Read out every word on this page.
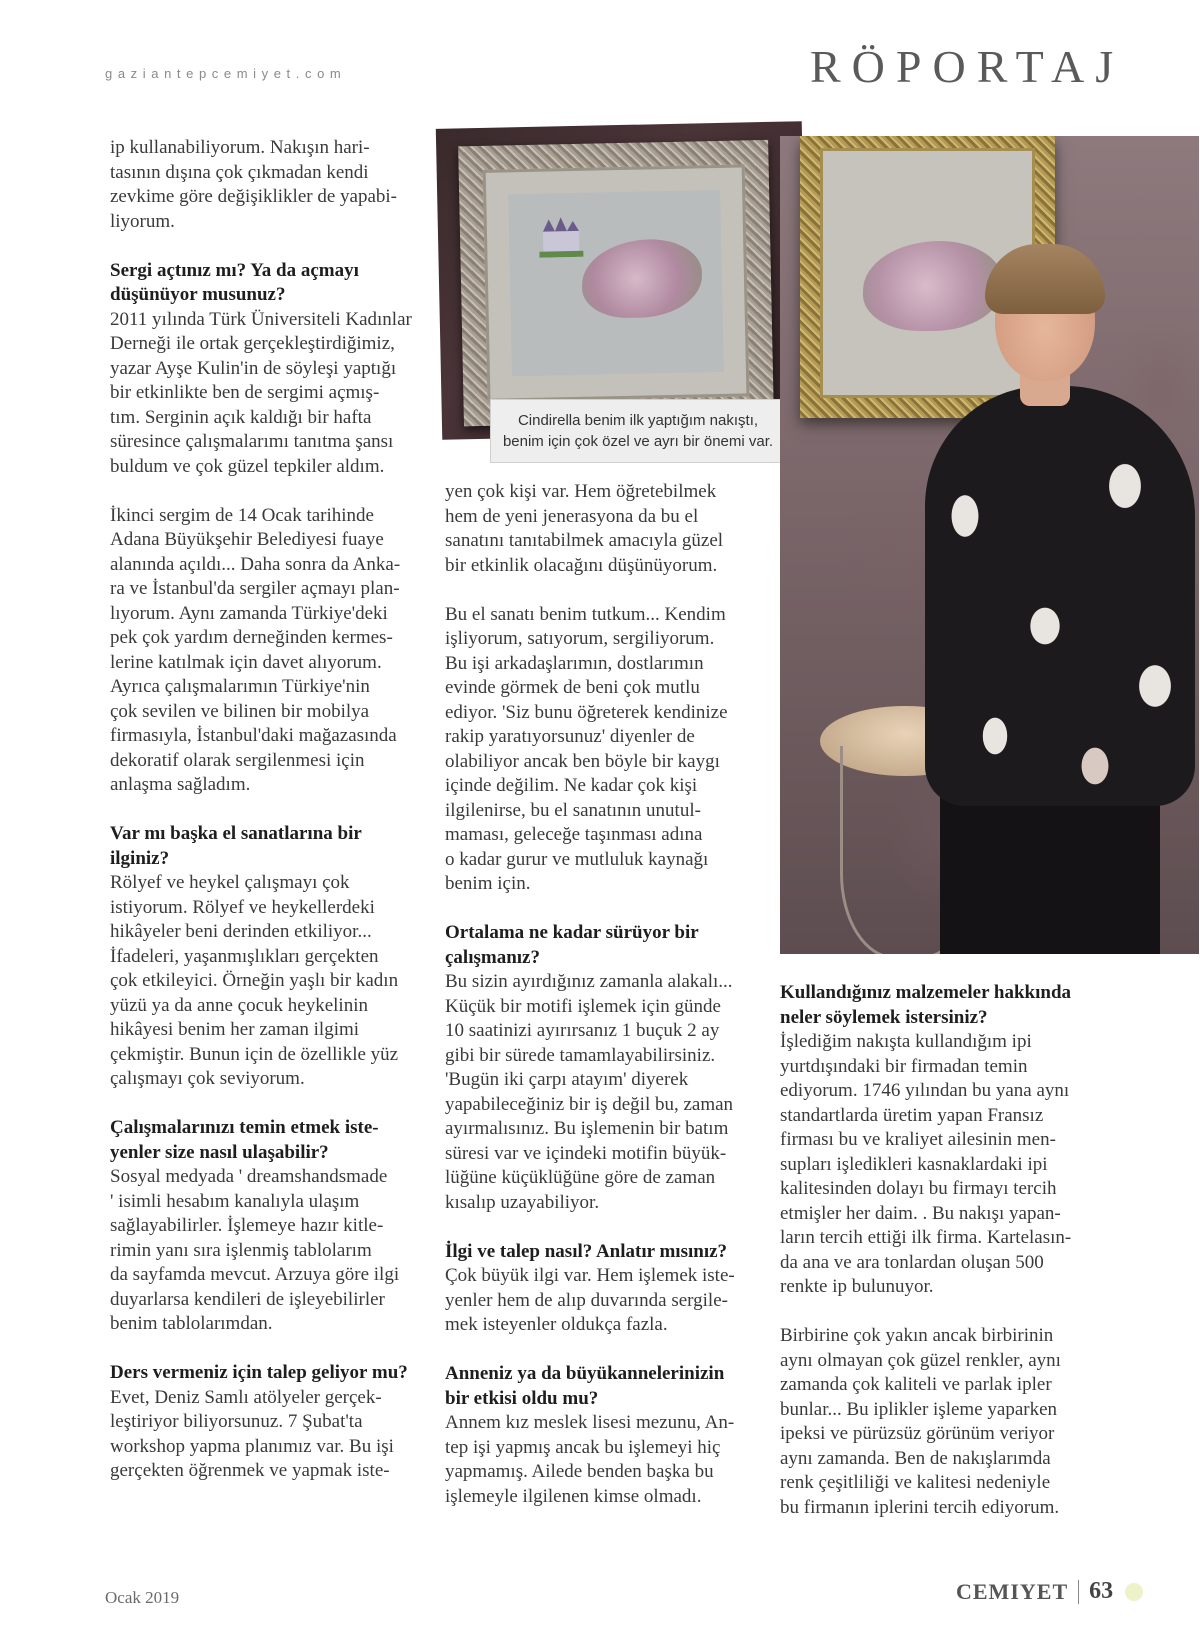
gaziantepcemiyet.com	RÖPORTAJ
Cindirella benim ilk yaptığım nakıştı,
benim için çok özel ve ayrı bir önemi var.

ip kullanabiliyorum. Nakışın hari-
tasının dışına çok çıkmadan kendi
zevkime göre değişiklikler de yapabi-
liyorum.

Sergi açtınız mı? Ya da açmayı
düşünüyor musunuz?

2011 yılında Türk Üniversiteli Kadınlar
Derneği ile ortak gerçekleştirdiğimiz,
yazar Ayşe Kulin'in de söyleşi yaptığı
bir etkinlikte ben de sergimi açmış-
tım. Serginin açık kaldığı bir hafta
süresince çalışmalarımı tanıtma şansı
buldum ve çok güzel tepkiler aldım.

İkinci sergim de 14 Ocak tarihinde
Adana Büyükşehir Belediyesi fuaye
alanında açıldı... Daha sonra da Anka-
ra ve İstanbul'da sergiler açmayı plan-
lıyorum. Aynı zamanda Türkiye'deki
pek çok yardım derneğinden kermes-
lerine katılmak için davet alıyorum.
Ayrıca çalışmalarımın Türkiye'nin
çok sevilen ve bilinen bir mobilya
firmasıyla, İstanbul'daki mağazasında
dekoratif olarak sergilenmesi için
anlaşma sağladım.

Var mı başka el sanatlarına bir
ilginiz?

Rölyef ve heykel çalışmayı çok
istiyorum. Rölyef ve heykellerdeki
hikâyeler beni derinden etkiliyor...
İfadeleri, yaşanmışlıkları gerçekten
çok etkileyici. Örneğin yaşlı bir kadın
yüzü ya da anne çocuk heykelinin
hikâyesi benim her zaman ilgimi
çekmiştir. Bunun için de özellikle yüz
çalışmayı çok seviyorum.

Çalışmalarınızı temin etmek iste-
yenler size nasıl ulaşabilir?

Sosyal medyada ' dreamshandsmade
' isimli hesabım kanalıyla ulaşım
sağlayabilirler. İşlemeye hazır kitle-
rimin yanı sıra işlenmiş tablolarım
da sayfamda mevcut. Arzuya göre ilgi
duyarlarsa kendileri de işleyebilirler
benim tablolarımdan.

Ders vermeniz için talep geliyor mu?

Evet, Deniz Samlı atölyeler gerçek-
leştiriyor biliyorsunuz. 7 Şubat'ta
workshop yapma planımız var. Bu işi
gerçekten öğrenmek ve yapmak iste-

yen çok kişi var. Hem öğretebilmek
hem de yeni jenerasyona da bu el
sanatını tanıtabilmek amacıyla güzel
bir etkinlik olacağını düşünüyorum.

Bu el sanatı benim tutkum... Kendim
işliyorum, satıyorum, sergiliyorum.
Bu işi arkadaşlarımın, dostlarımın
evinde görmek de beni çok mutlu
ediyor. 'Siz bunu öğreterek kendinize
rakip yaratıyorsunuz' diyenler de
olabiliyor ancak ben böyle bir kaygı
içinde değilim. Ne kadar çok kişi
ilgilenirse, bu el sanatının unutul-
maması, geleceğe taşınması adına
o kadar gurur ve mutluluk kaynağı
benim için.

Ortalama ne kadar sürüyor bir
çalışmanız?

Bu sizin ayırdığınız zamanla alakalı...
Küçük bir motifi işlemek için günde
10 saatinizi ayırırsanız 1 buçuk 2 ay
gibi bir sürede tamamlayabilirsiniz.
'Bugün iki çarpı atayım' diyerek
yapabileceğiniz bir iş değil bu, zaman
ayırmalısınız. Bu işlemenin bir batım
süresi var ve içindeki motifin büyük-
lüğüne küçüklüğüne göre de zaman
kısalıp uzayabiliyor.

İlgi ve talep nasıl? Anlatır mısınız?

Çok büyük ilgi var. Hem işlemek iste-
yenler hem de alıp duvarında sergile-
mek isteyenler oldukça fazla.

Anneniz ya da büyükannelerinizin
bir etkisi oldu mu?

Annem kız meslek lisesi mezunu, An-
tep işi yapmış ancak bu işlemeyi hiç
yapmamış. Ailede benden başka bu
işlemeyle ilgilenen kimse olmadı.

Kullandığınız malzemeler hakkında
neler söylemek istersiniz?

İşlediğim nakışta kullandığım ipi
yurtdışındaki bir firmadan temin
ediyorum. 1746 yılından bu yana aynı
standartlarda üretim yapan Fransız
firması bu ve kraliyet ailesinin men-
supları işledikleri kasnaklardaki ipi
kalitesinden dolayı bu firmayı tercih
etmişler her daim. . Bu nakışı yapan-
ların tercih ettiği ilk firma. Kartelasın-
da ana ve ara tonlardan oluşan 500
renkte ip bulunuyor.

Birbirine çok yakın ancak birbirinin
aynı olmayan çok güzel renkler, aynı
zamanda çok kaliteli ve parlak ipler
bunlar... Bu iplikler işleme yaparken
ipeksi ve pürüzsüz görünüm veriyor
aynı zamanda. Ben de nakışlarımda
renk çeşitliliği ve kalitesi nedeniyle
bu firmanın iplerini tercih ediyorum.

Ocak 2019	CEMIYET 63
